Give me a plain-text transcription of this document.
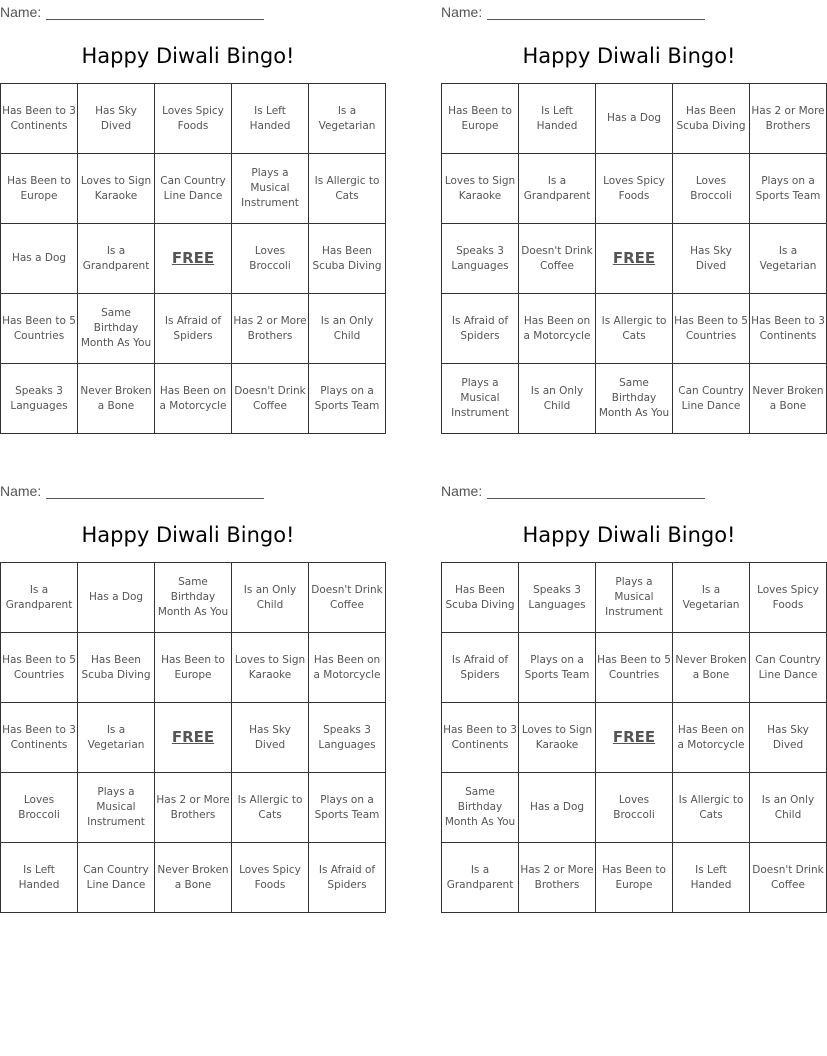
Name:
Happy Diwali Bingo!
Has Been to 3 Continents	Has Sky Dived	Loves Spicy Foods	Is Left Handed	Is a Vegetarian
Has Been to Europe	Loves to Sign Karaoke	Can Country Line Dance	Plays a Musical Instrument	Is Allergic to Cats
Has a Dog	Is a Grandparent	FREE	Loves Broccoli	Has Been Scuba Diving
Has Been to 5 Countries	Same Birthday Month As You	Is Afraid of Spiders	Has 2 or More Brothers	Is an Only Child
Speaks 3 Languages	Never Broken a Bone	Has Been on a Motorcycle	Doesn't Drink Coffee	Plays on a Sports Team
Name:
Happy Diwali Bingo!
Has Been to Europe	Is Left Handed	Has a Dog	Has Been Scuba Diving	Has 2 or More Brothers
Loves to Sign Karaoke	Is a Grandparent	Loves Spicy Foods	Loves Broccoli	Plays on a Sports Team
Speaks 3 Languages	Doesn't Drink Coffee	FREE	Has Sky Dived	Is a Vegetarian
Is Afraid of Spiders	Has Been on a Motorcycle	Is Allergic to Cats	Has Been to 5 Countries	Has Been to 3 Continents
Plays a Musical Instrument	Is an Only Child	Same Birthday Month As You	Can Country Line Dance	Never Broken a Bone
Name:
Happy Diwali Bingo!
Is a Grandparent	Has a Dog	Same Birthday Month As You	Is an Only Child	Doesn't Drink Coffee
Has Been to 5 Countries	Has Been Scuba Diving	Has Been to Europe	Loves to Sign Karaoke	Has Been on a Motorcycle
Has Been to 3 Continents	Is a Vegetarian	FREE	Has Sky Dived	Speaks 3 Languages
Loves Broccoli	Plays a Musical Instrument	Has 2 or More Brothers	Is Allergic to Cats	Plays on a Sports Team
Is Left Handed	Can Country Line Dance	Never Broken a Bone	Loves Spicy Foods	Is Afraid of Spiders
Name:
Happy Diwali Bingo!
Has Been Scuba Diving	Speaks 3 Languages	Plays a Musical Instrument	Is a Vegetarian	Loves Spicy Foods
Is Afraid of Spiders	Plays on a Sports Team	Has Been to 5 Countries	Never Broken a Bone	Can Country Line Dance
Has Been to 3 Continents	Loves to Sign Karaoke	FREE	Has Been on a Motorcycle	Has Sky Dived
Same Birthday Month As You	Has a Dog	Loves Broccoli	Is Allergic to Cats	Is an Only Child
Is a Grandparent	Has 2 or More Brothers	Has Been to Europe	Is Left Handed	Doesn't Drink Coffee
